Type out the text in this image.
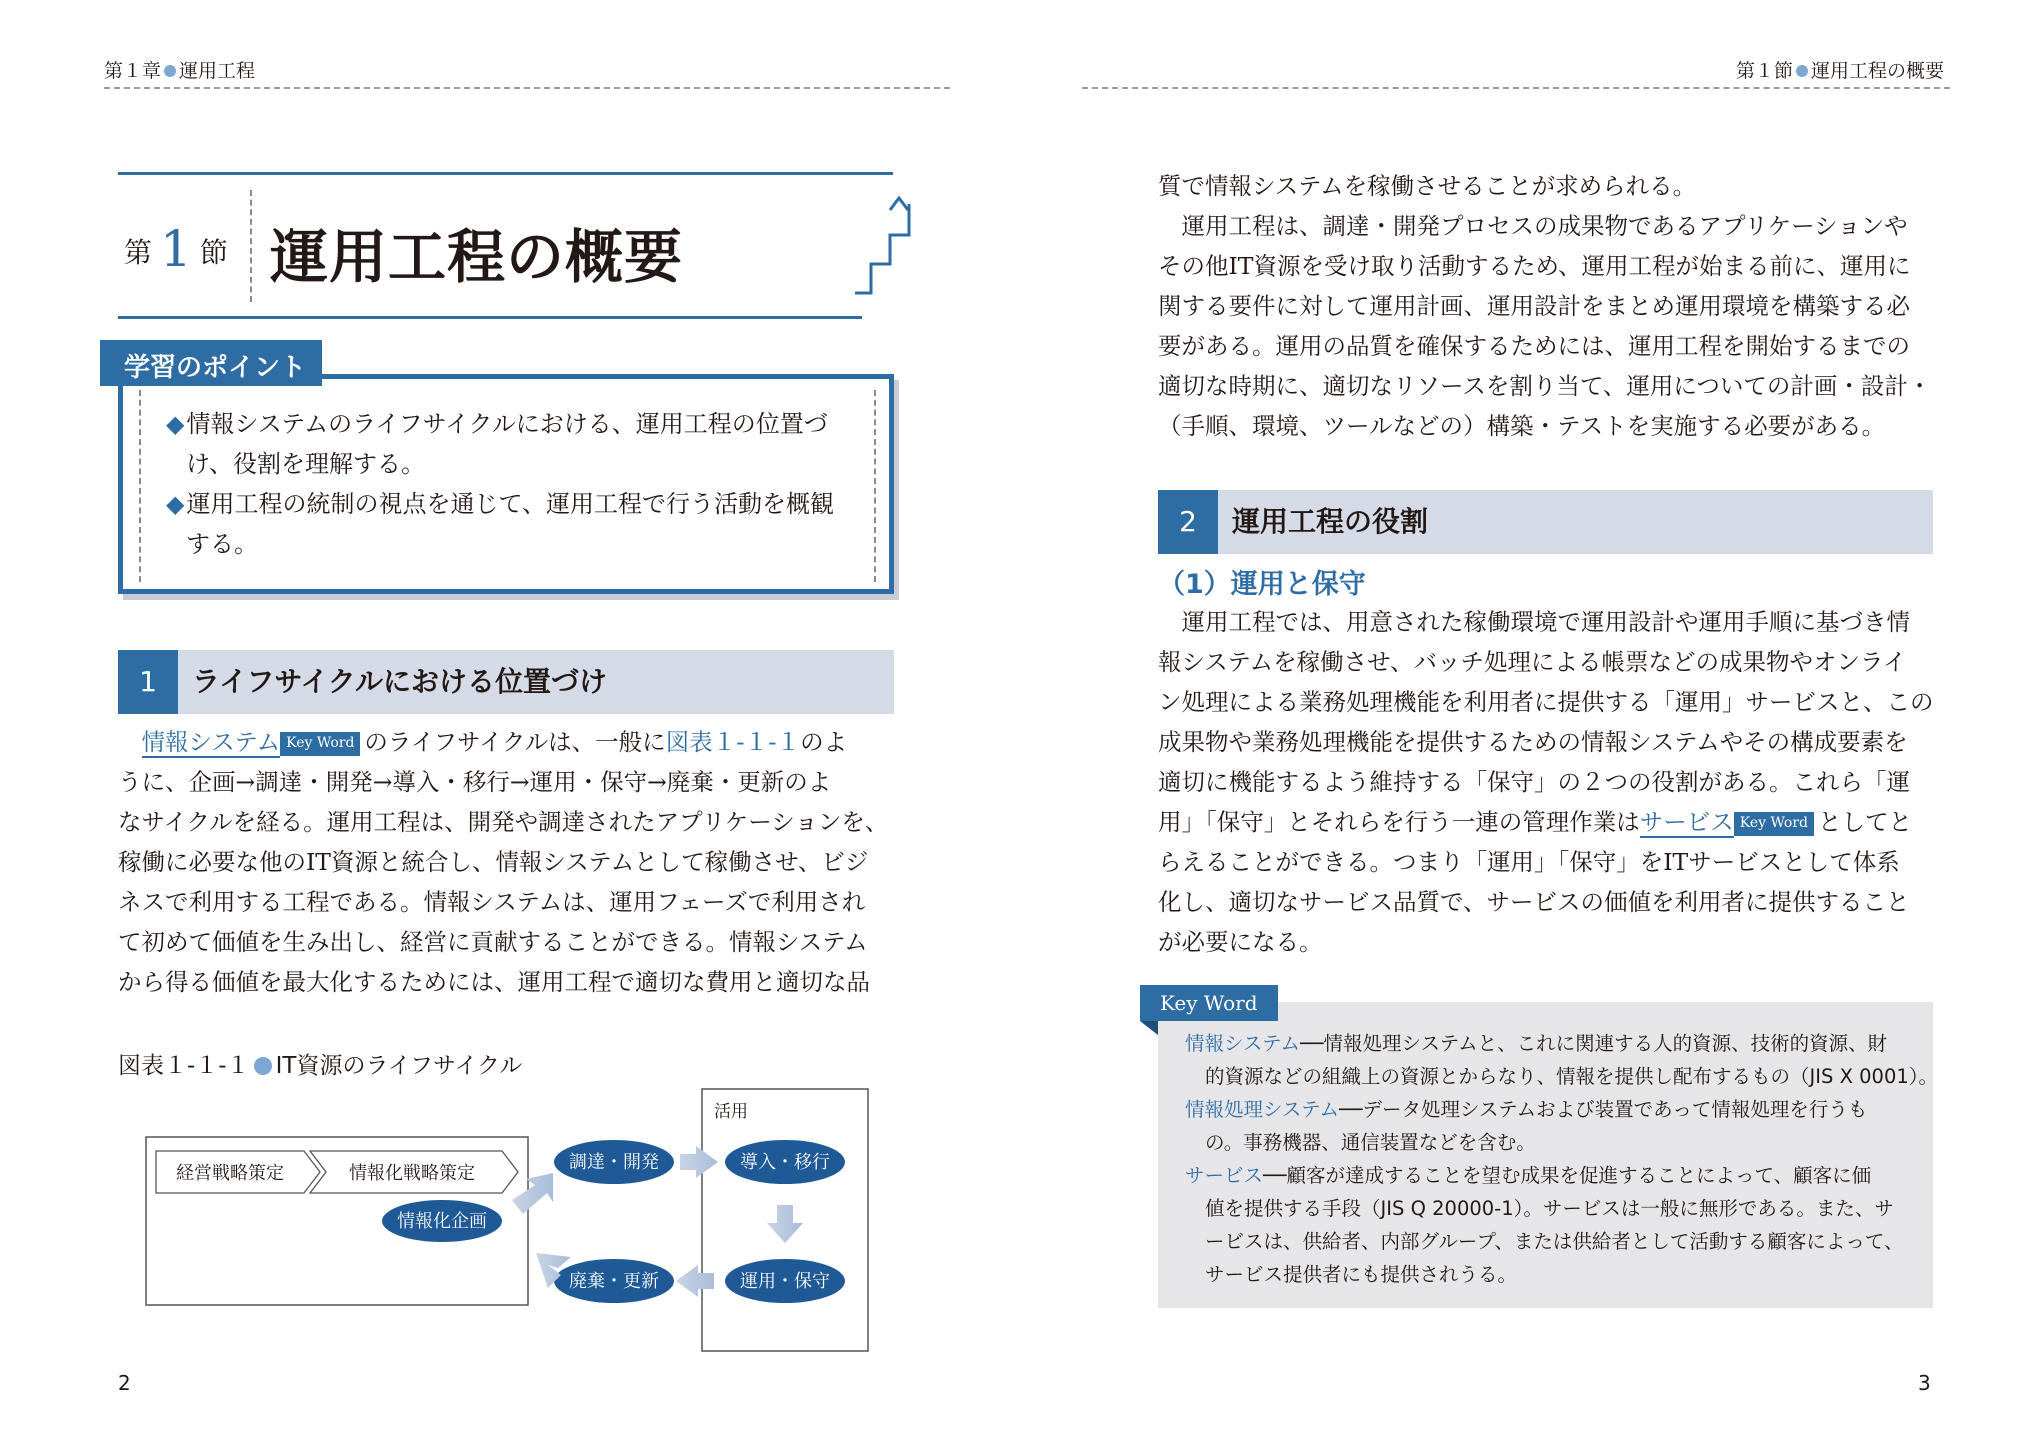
第１章 運用工程	第１節 運用工程の概要
第 1 節 運用工程の概要
学習のポイント
◆情報システムのライフサイクルにおける、運用工程の位置づ
け、役割を理解する。
◆運用工程の統制の視点を通じて、運用工程で行う活動を概観
する。
1	ライフサイクルにおける位置づけ
　情報システム Key Word のライフサイクルは、一般に図表１-１-１のよ
うに、企画→調達・開発→導入・移行→運用・保守→廃棄・更新のよ
なサイクルを経る。運用工程は、開発や調達されたアプリケーションを、
稼働に必要な他のIT資源と統合し、情報システムとして稼働させ、ビジ
ネスで利用する工程である。情報システムは、運用フェーズで利用され
て初めて価値を生み出し、経営に貢献することができる。情報システム
から得る価値を最大化するためには、運用工程で適切な費用と適切な品
図表１-１-１ IT資源のライフサイクル
経営戦略策定	情報化戦略策定
情報化企画
活用
調達・開発	導入・移行
運用・保守
廃棄・更新
質で情報システムを稼働させることが求められる。
　運用工程は、調達・開発プロセスの成果物であるアプリケーションや
その他IT資源を受け取り活動するため、運用工程が始まる前に、運用に
関する要件に対して運用計画、運用設計をまとめ運用環境を構築する必
要がある。運用の品質を確保するためには、運用工程を開始するまでの
適切な時期に、適切なリソースを割り当て、運用についての計画・設計・
（手順、環境、ツールなどの）構築・テストを実施する必要がある。
2	運用工程の役割
（1）運用と保守
　運用工程では、用意された稼働環境で運用設計や運用手順に基づき情
報システムを稼働させ、バッチ処理による帳票などの成果物やオンライ
ン処理による業務処理機能を利用者に提供する「運用」サービスと、この
成果物や業務処理機能を提供するための情報システムやその構成要素を
適切に機能するよう維持する「保守」の２つの役割がある。これら「運
用」「保守」とそれらを行う一連の管理作業はサービス Key Word としてと
らえることができる。つまり「運用」「保守」をITサービスとして体系
化し、適切なサービス品質で、サービスの価値を利用者に提供すること
が必要になる。
Key Word
情報システム──情報処理システムと、これに関連する人的資源、技術的資源、財
的資源などの組織上の資源とからなり、情報を提供し配布するもの（JIS X 0001）。
情報処理システム──データ処理システムおよび装置であって情報処理を行うも
の。事務機器、通信装置などを含む。
サービス──顧客が達成することを望む成果を促進することによって、顧客に価
値を提供する手段（JIS Q 20000-1）。サービスは一般に無形である。また、サ
ービスは、供給者、内部グループ、または供給者として活動する顧客によって、
サービス提供者にも提供されうる。
2	3
